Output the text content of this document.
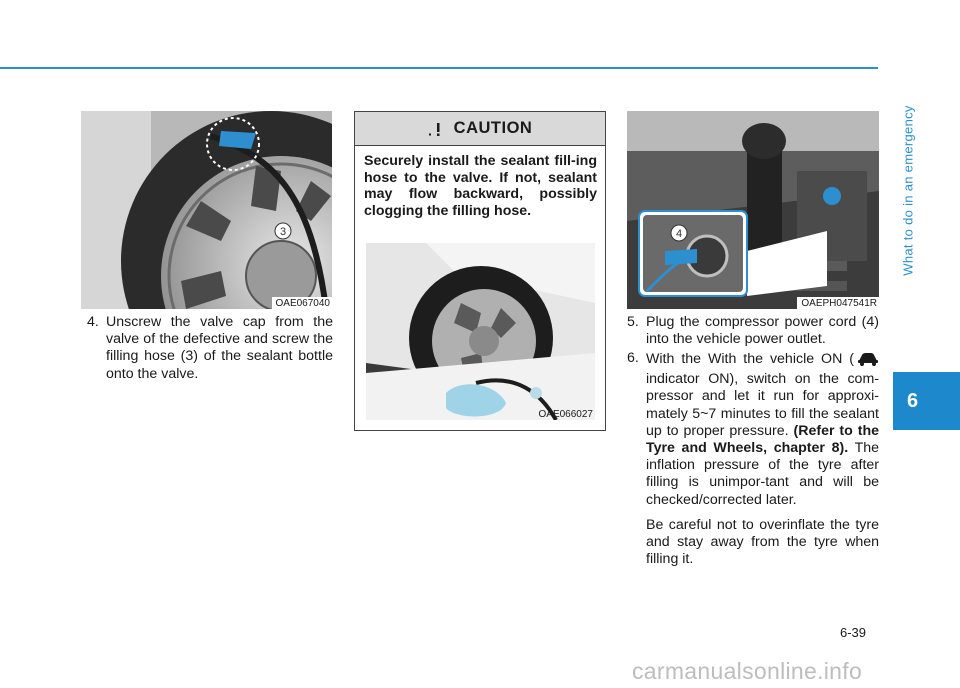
What to do in an emergency
6
3
OAE067040
4. Unscrew the valve cap from the valve of the defective and screw the filling hose (3) of the sealant bottle onto the valve.
CAUTION
Securely install the sealant fill-ing hose to the valve. If not, sealant may flow backward, possibly clogging the filling hose.
OAE066027
4
OAEPH047541R
5. Plug the compressor power cord (4) into the vehicle power outlet.
6. With the With the vehicle ON ( indicator ON), switch on the com-pressor and let it run for approxi-mately 5~7 minutes to fill the sealant up to proper pressure. (Refer to the Tyre and Wheels, chapter 8). The inflation pressure of the tyre after filling is unimpor-tant and will be checked/corrected later.
Be careful not to overinflate the tyre and stay away from the tyre when filling it.
6-39
carmanualsonline.info
